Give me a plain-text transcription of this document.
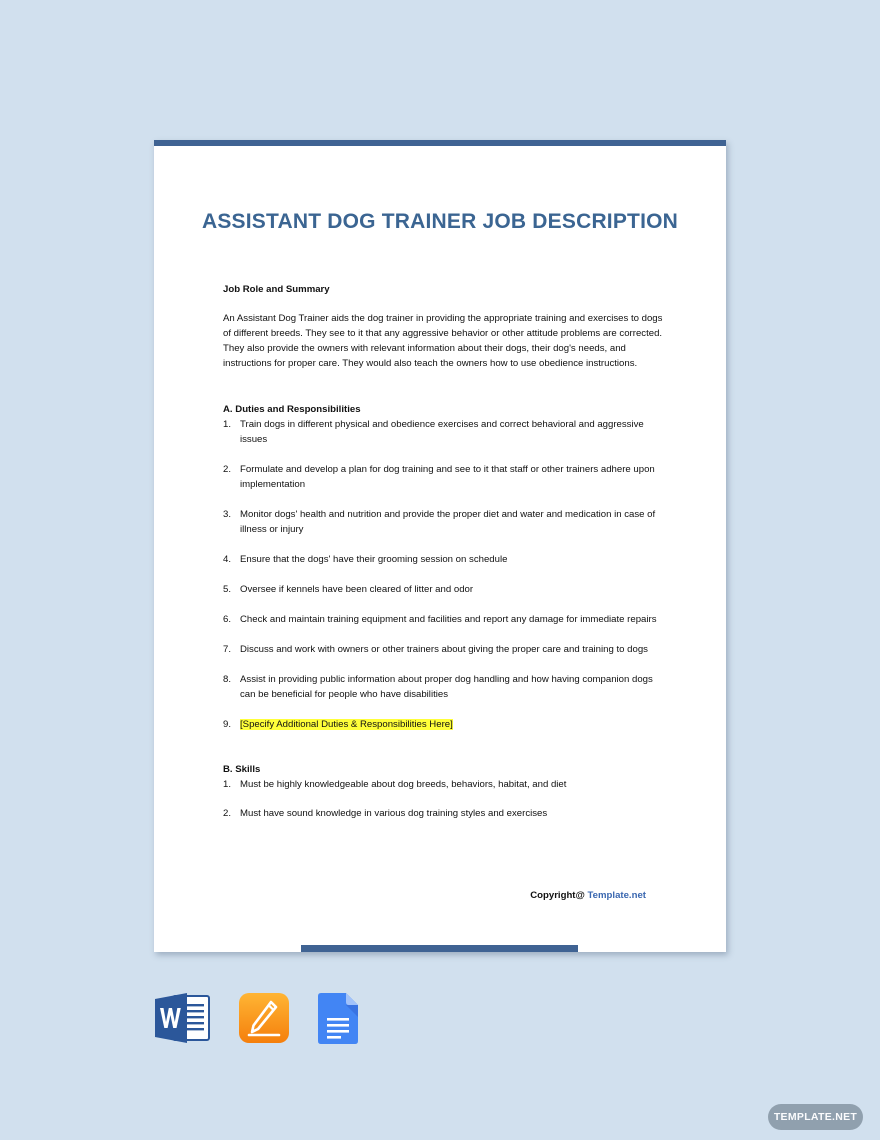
ASSISTANT DOG TRAINER JOB DESCRIPTION

Job Role and Summary

An Assistant Dog Trainer aids the dog trainer in providing the appropriate training and exercises to dogs of different breeds. They see to it that any aggressive behavior or other attitude problems are corrected. They also provide the owners with relevant information about their dogs, their dog's needs, and instructions for proper care. They would also teach the owners how to use obedience instructions.

A. Duties and Responsibilities

1. Train dogs in different physical and obedience exercises and correct behavioral and aggressive issues
2. Formulate and develop a plan for dog training and see to it that staff or other trainers adhere upon implementation
3. Monitor dogs' health and nutrition and provide the proper diet and water and medication in case of illness or injury
4. Ensure that the dogs' have their grooming session on schedule
5. Oversee if kennels have been cleared of litter and odor
6. Check and maintain training equipment and facilities and report any damage for immediate repairs
7. Discuss and work with owners or other trainers about giving the proper care and training to dogs
8. Assist in providing public information about proper dog handling and how having companion dogs can be beneficial for people who have disabilities
9. [Specify Additional Duties & Responsibilities Here]

B. Skills

1. Must be highly knowledgeable about dog breeds, behaviors, habitat, and diet
2. Must have sound knowledge in various dog training styles and exercises
Copyright@ Template.net
TEMPLATE.NET
